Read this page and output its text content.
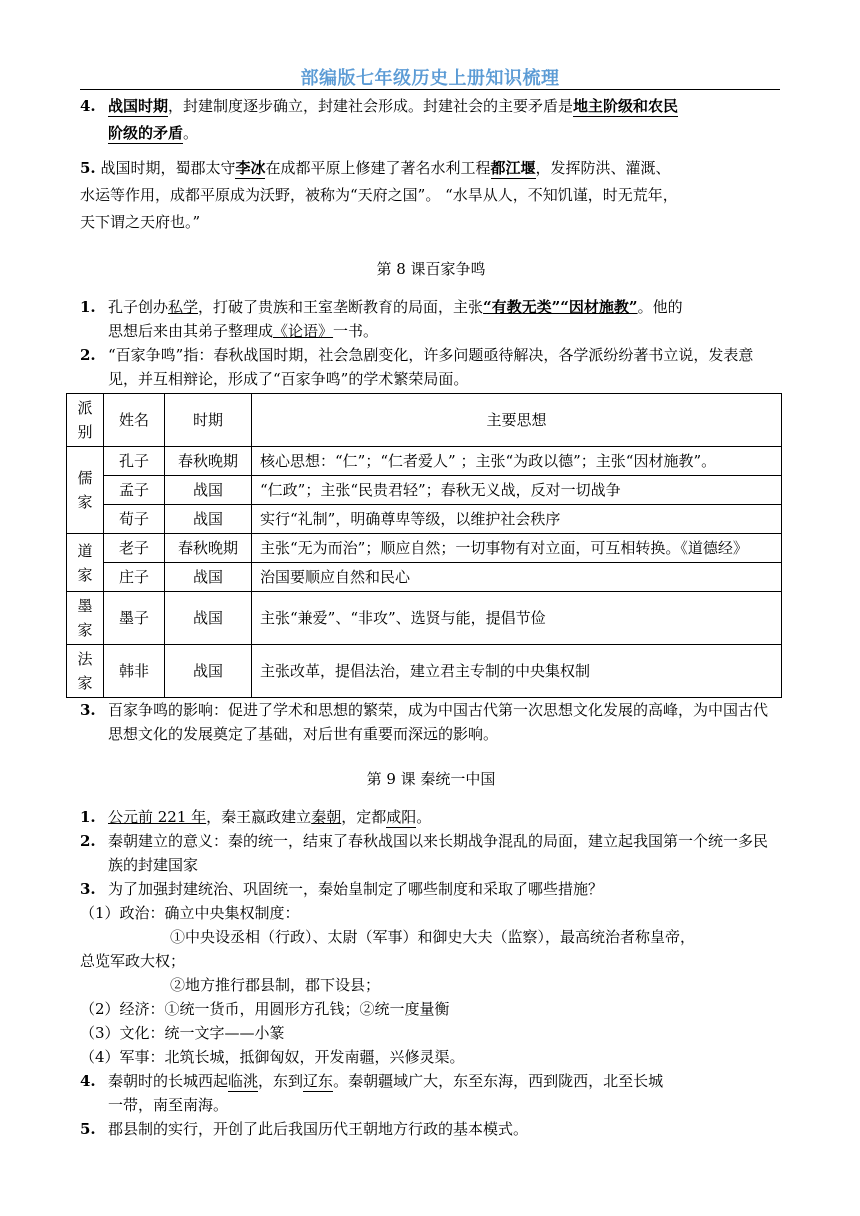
部编版七年级历史上册知识梳理
4. 战国时期，封建制度逐步确立，封建社会形成。封建社会的主要矛盾是地主阶级和农民
阶级的矛盾。
5. 战国时期，蜀郡太守李冰在成都平原上修建了著名水利工程都江堰，发挥防洪、灌溉、
水运等作用，成都平原成为沃野，被称为“天府之国”。 “水旱从人，不知饥谨，时无荒年，
天下谓之天府也。”
第 8 课百家争鸣
1. 孔子创办私学，打破了贵族和王室垄断教育的局面，主张“有教无类”“因材施教”。他的
思想后来由其弟子整理成《论语》一书。
2. “百家争鸣”指：春秋战国时期，社会急剧变化，许多问题亟待解决，各学派纷纷著书立说，发表意见，并互相辩论，形成了“百家争鸣”的学术繁荣局面。
派别	姓名	时期	主要思想
儒家	孔子	春秋晚期	核心思想：“仁”；“仁者爱人” ；主张“为政以德”；主张“因材施教”。
	孟子	战国	“仁政”；主张“民贵君轻”；春秋无义战，反对一切战争
	荀子	战国	实行“礼制”，明确尊卑等级，以维护社会秩序
道家	老子	春秋晚期	主张“无为而治”；顺应自然；一切事物有对立面，可互相转换。《道德经》
	庄子	战国	治国要顺应自然和民心
墨家	墨子	战国	主张“兼爱”、“非攻”、选贤与能，提倡节俭
法家	韩非	战国	主张改革，提倡法治，建立君主专制的中央集权制
3. 百家争鸣的影响：促进了学术和思想的繁荣，成为中国古代第一次思想文化发展的高峰，为中国古代思想文化的发展奠定了基础，对后世有重要而深远的影响。
第 9 课 秦统一中国
1. 公元前 221 年，秦王嬴政建立秦朝，定都咸阳。
2. 秦朝建立的意义：秦的统一，结束了春秋战国以来长期战争混乱的局面，建立起我国第一个统一多民族的封建国家
3. 为了加强封建统治、巩固统一，秦始皇制定了哪些制度和采取了哪些措施？
（1）政治：确立中央集权制度：
①中央设丞相（行政）、太尉（军事）和御史大夫（监察），最高统治者称皇帝，
总览军政大权；
②地方推行郡县制，郡下设县；
（2）经济：①统一货币，用圆形方孔钱；②统一度量衡
（3）文化：统一文字——小篆
（4）军事：北筑长城，抵御匈奴，开发南疆，兴修灵渠。
4. 秦朝时的长城西起临洮，东到辽东。秦朝疆域广大，东至东海，西到陇西，北至长城
一带，南至南海。
5. 郡县制的实行，开创了此后我国历代王朝地方行政的基本模式。
